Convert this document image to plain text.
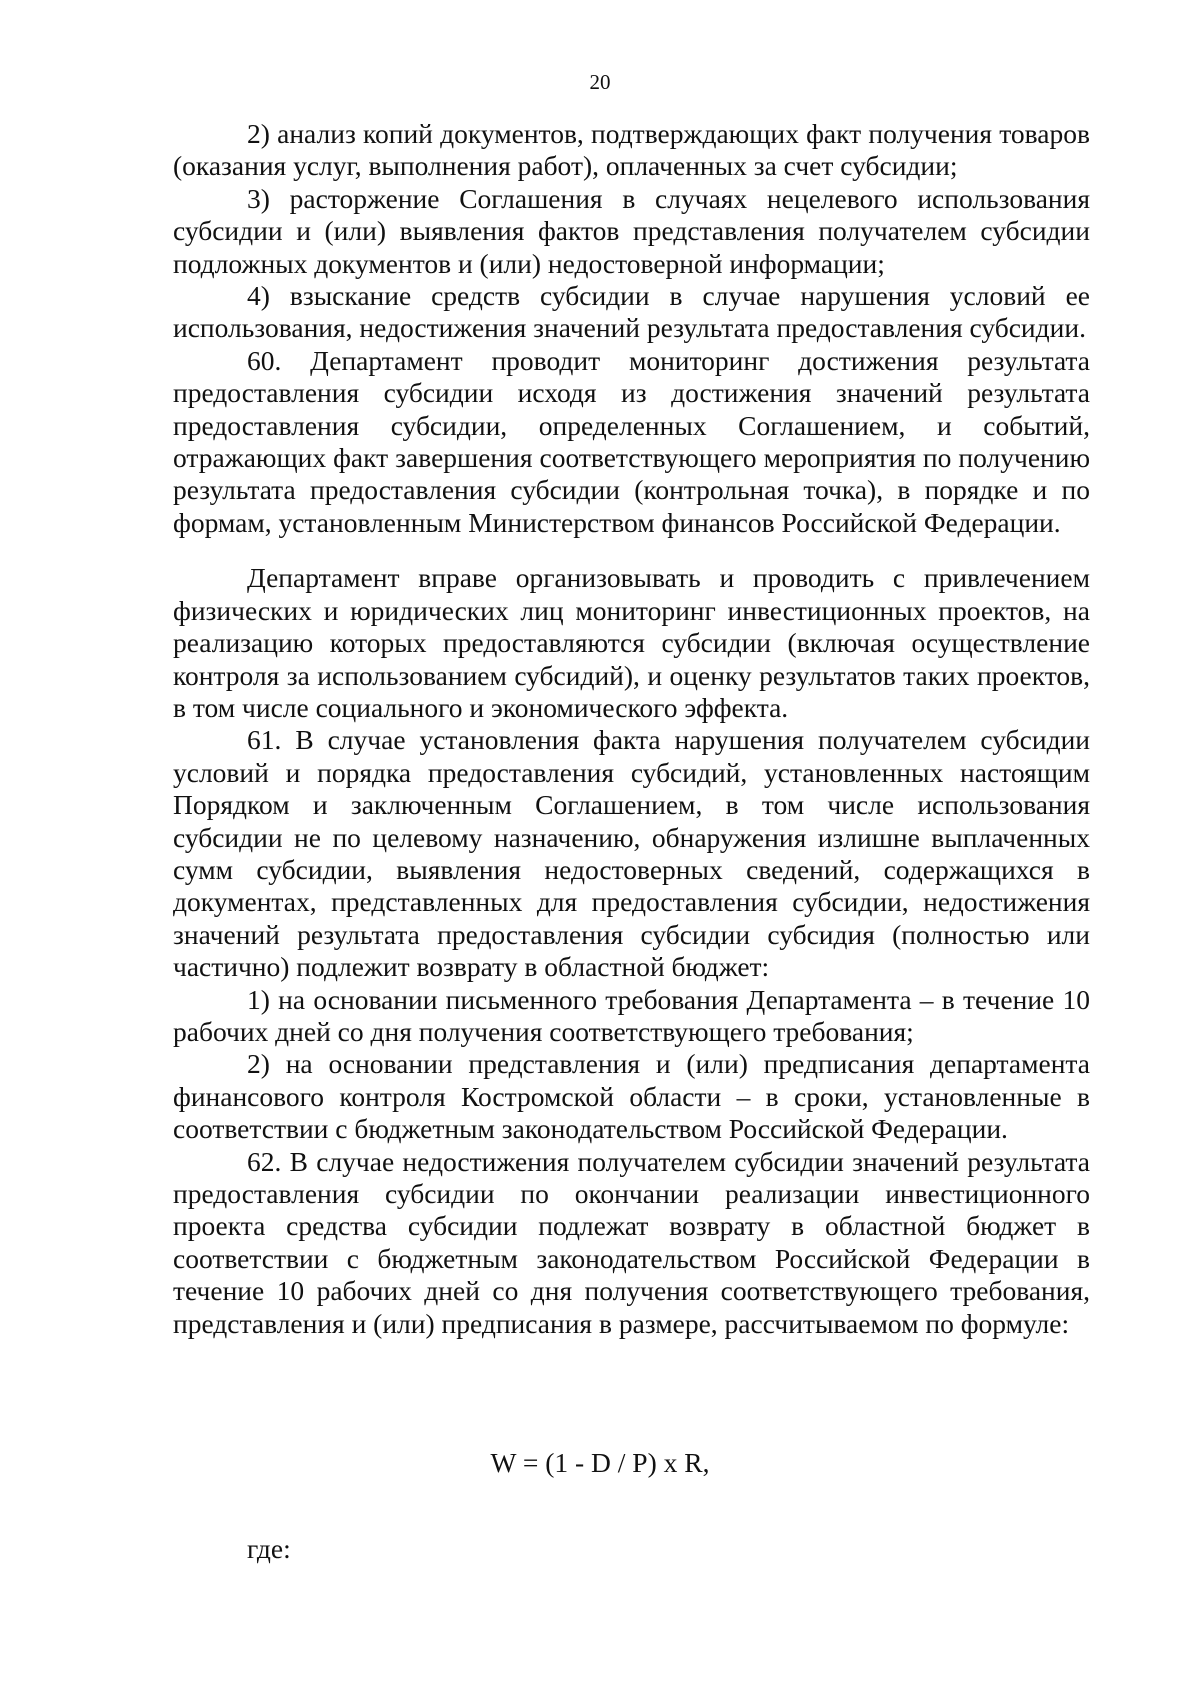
20

2) анализ копий документов, подтверждающих факт получения товаров (оказания услуг, выполнения работ), оплаченных за счет субсидии;

3) расторжение Соглашения в случаях нецелевого использования субсидии и (или) выявления фактов представления получателем субсидии подложных документов и (или) недостоверной информации;

4) взыскание средств субсидии в случае нарушения условий ее использования, недостижения значений результата предоставления субсидии.

60. Департамент проводит мониторинг достижения результата предоставления субсидии исходя из достижения значений результата предоставления субсидии, определенных Соглашением, и событий, отражающих факт завершения соответствующего мероприятия по получению результата предоставления субсидии (контрольная точка), в порядке и по формам, установленным Министерством финансов Российской Федерации.

Департамент вправе организовывать и проводить с привлечением физических и юридических лиц мониторинг инвестиционных проектов, на реализацию которых предоставляются субсидии (включая осуществление контроля за использованием субсидий), и оценку результатов таких проектов, в том числе социального и экономического эффекта.

61. В случае установления факта нарушения получателем субсидии условий и порядка предоставления субсидий, установленных настоящим Порядком и заключенным Соглашением, в том числе использования субсидии не по целевому назначению, обнаружения излишне выплаченных сумм субсидии, выявления недостоверных сведений, содержащихся в документах, представленных для предоставления субсидии, недостижения значений результата предоставления субсидии субсидия (полностью или частично) подлежит возврату в областной бюджет:

1) на основании письменного требования Департамента – в течение 10 рабочих дней со дня получения соответствующего требования;

2) на основании представления и (или) предписания департамента финансового контроля Костромской области – в сроки, установленные в соответствии с бюджетным законодательством Российской Федерации.

62. В случае недостижения получателем субсидии значений результата предоставления субсидии по окончании реализации инвестиционного проекта средства субсидии подлежат возврату в областной бюджет в соответствии с бюджетным законодательством Российской Федерации в течение 10 рабочих дней со дня получения соответствующего требования, представления и (или) предписания в размере, рассчитываемом по формуле:

W = (1 - D / P) x R,
где:
